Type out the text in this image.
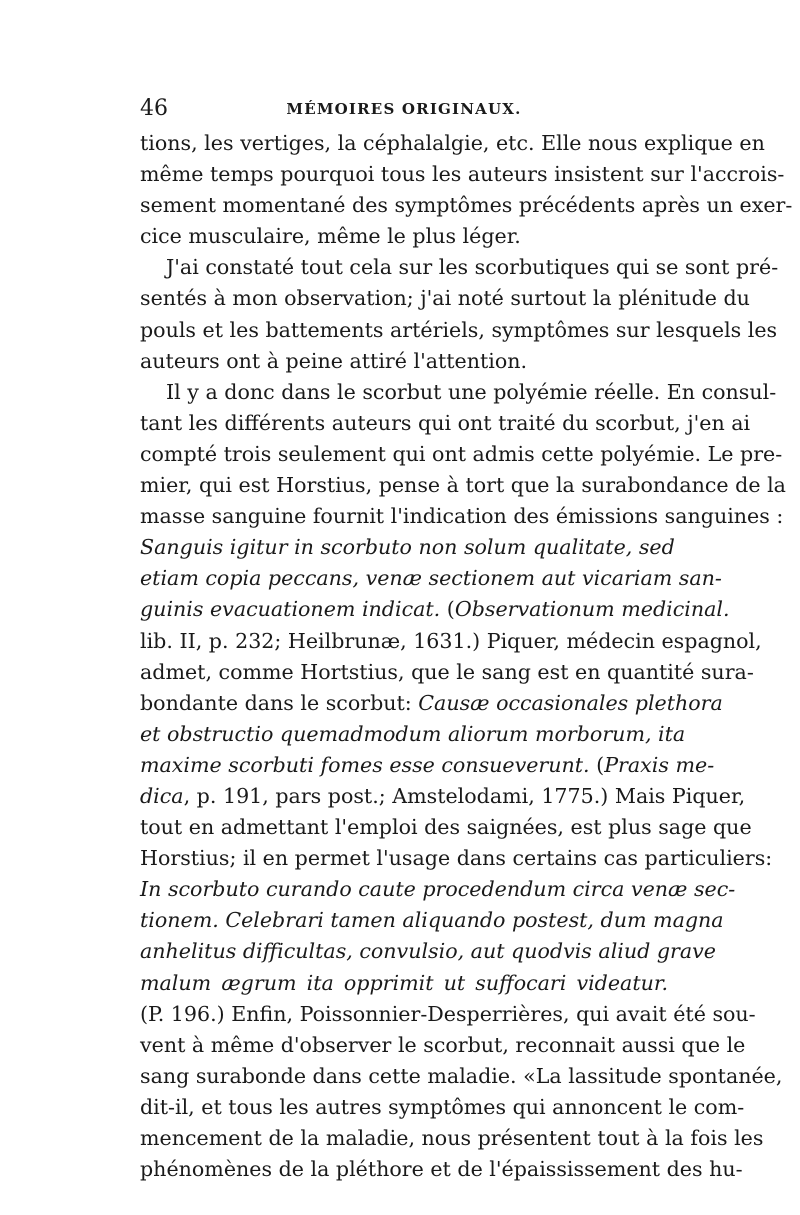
46	MÉMOIRES ORIGINAUX.
tions, les vertiges, la céphalalgie, etc. Elle nous explique en
même temps pourquoi tous les auteurs insistent sur l'accrois-
sement momentané des symptômes précédents après un exer-
cice musculaire, même le plus léger.
J'ai constaté tout cela sur les scorbutiques qui se sont pré-
sentés à mon observation; j'ai noté surtout la plénitude du
pouls et les battements artériels, symptômes sur lesquels les
auteurs ont à peine attiré l'attention.
Il y a donc dans le scorbut une polyémie réelle. En consul-
tant les différents auteurs qui ont traité du scorbut, j'en ai
compté trois seulement qui ont admis cette polyémie. Le pre-
mier, qui est Horstius, pense à tort que la surabondance de la
masse sanguine fournit l'indication des émissions sanguines :
Sanguis igitur in scorbuto non solum qualitate, sed
etiam copia peccans, venæ sectionem aut vicariam san-
guinis evacuationem indicat. (Observationum medicinal.
lib. II, p. 232; Heilbrunæ, 1631.) Piquer, médecin espagnol,
admet, comme Hortstius, que le sang est en quantité sura-
bondante dans le scorbut: Causæ occasionales plethora
et obstructio quemadmodum aliorum morborum, ita
maxime scorbuti fomes esse consueverunt. (Praxis me-
dica, p. 191, pars post.; Amstelodami, 1775.) Mais Piquer,
tout en admettant l'emploi des saignées, est plus sage que
Horstius; il en permet l'usage dans certains cas particuliers:
In scorbuto curando caute procedendum circa venæ sec-
tionem. Celebrari tamen aliquando postest, dum magna
anhelitus difficultas, convulsio, aut quodvis aliud grave
malum ægrum ita opprimit ut suffocari videatur.
(P. 196.) Enfin, Poissonnier-Desperrières, qui avait été sou-
vent à même d'observer le scorbut, reconnait aussi que le
sang surabonde dans cette maladie. «La lassitude spontanée,
dit-il, et tous les autres symptômes qui annoncent le com-
mencement de la maladie, nous présentent tout à la fois les
phénomènes de la pléthore et de l'épaississement des hu-
